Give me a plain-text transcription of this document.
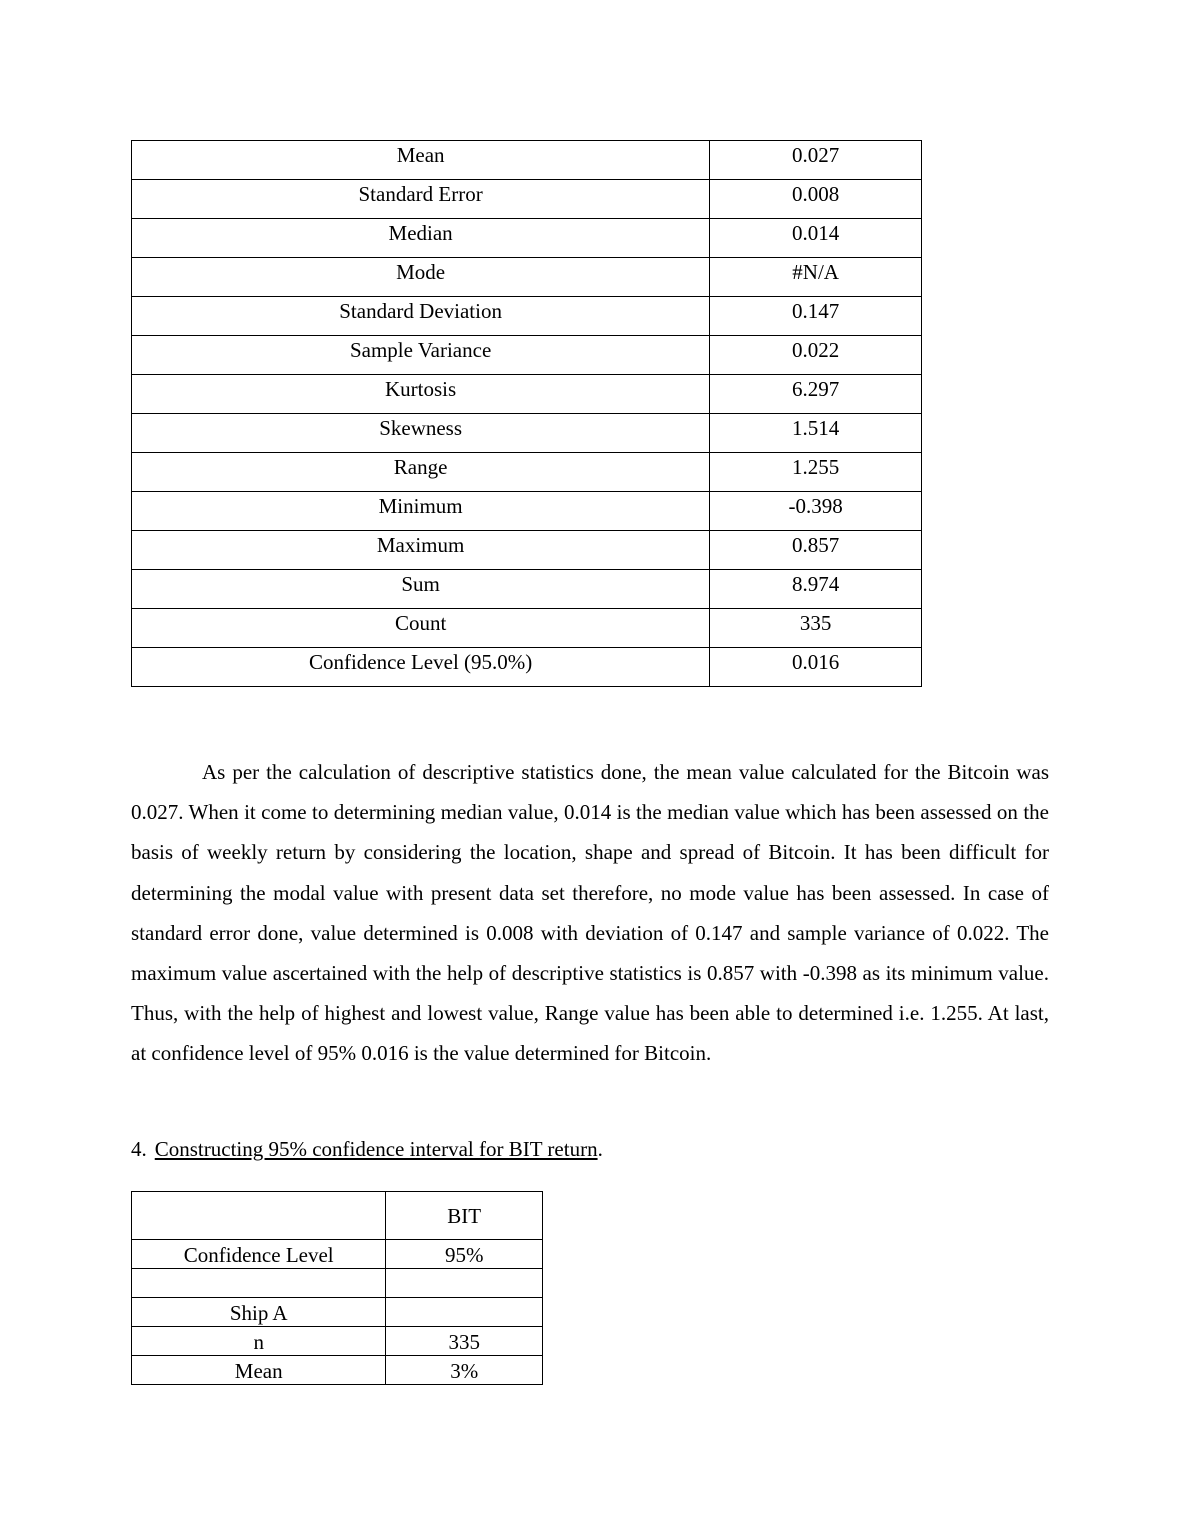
Mean	0.027
Standard Error	0.008
Median	0.014
Mode	#N/A
Standard Deviation	0.147
Sample Variance	0.022
Kurtosis	6.297
Skewness	1.514
Range	1.255
Minimum	-0.398
Maximum	0.857
Sum	8.974
Count	335
Confidence Level (95.0%)	0.016

As per the calculation of descriptive statistics done, the mean value calculated for the Bitcoin was 0.027. When it come to determining median value, 0.014 is the median value which has been assessed on the basis of weekly return by considering the location, shape and spread of Bitcoin. It has been difficult for determining the modal value with present data set therefore, no mode value has been assessed. In case of standard error done, value determined is 0.008 with deviation of 0.147 and sample variance of 0.022. The maximum value ascertained with the help of descriptive statistics is 0.857 with -0.398 as its minimum value. Thus, with the help of highest and lowest value, Range value has been able to determined i.e. 1.255. At last, at confidence level of 95% 0.016 is the value determined for Bitcoin.

4. Constructing 95% confidence interval for BIT return.

	BIT
Confidence Level	95%

Ship A	
n	335
Mean	3%
